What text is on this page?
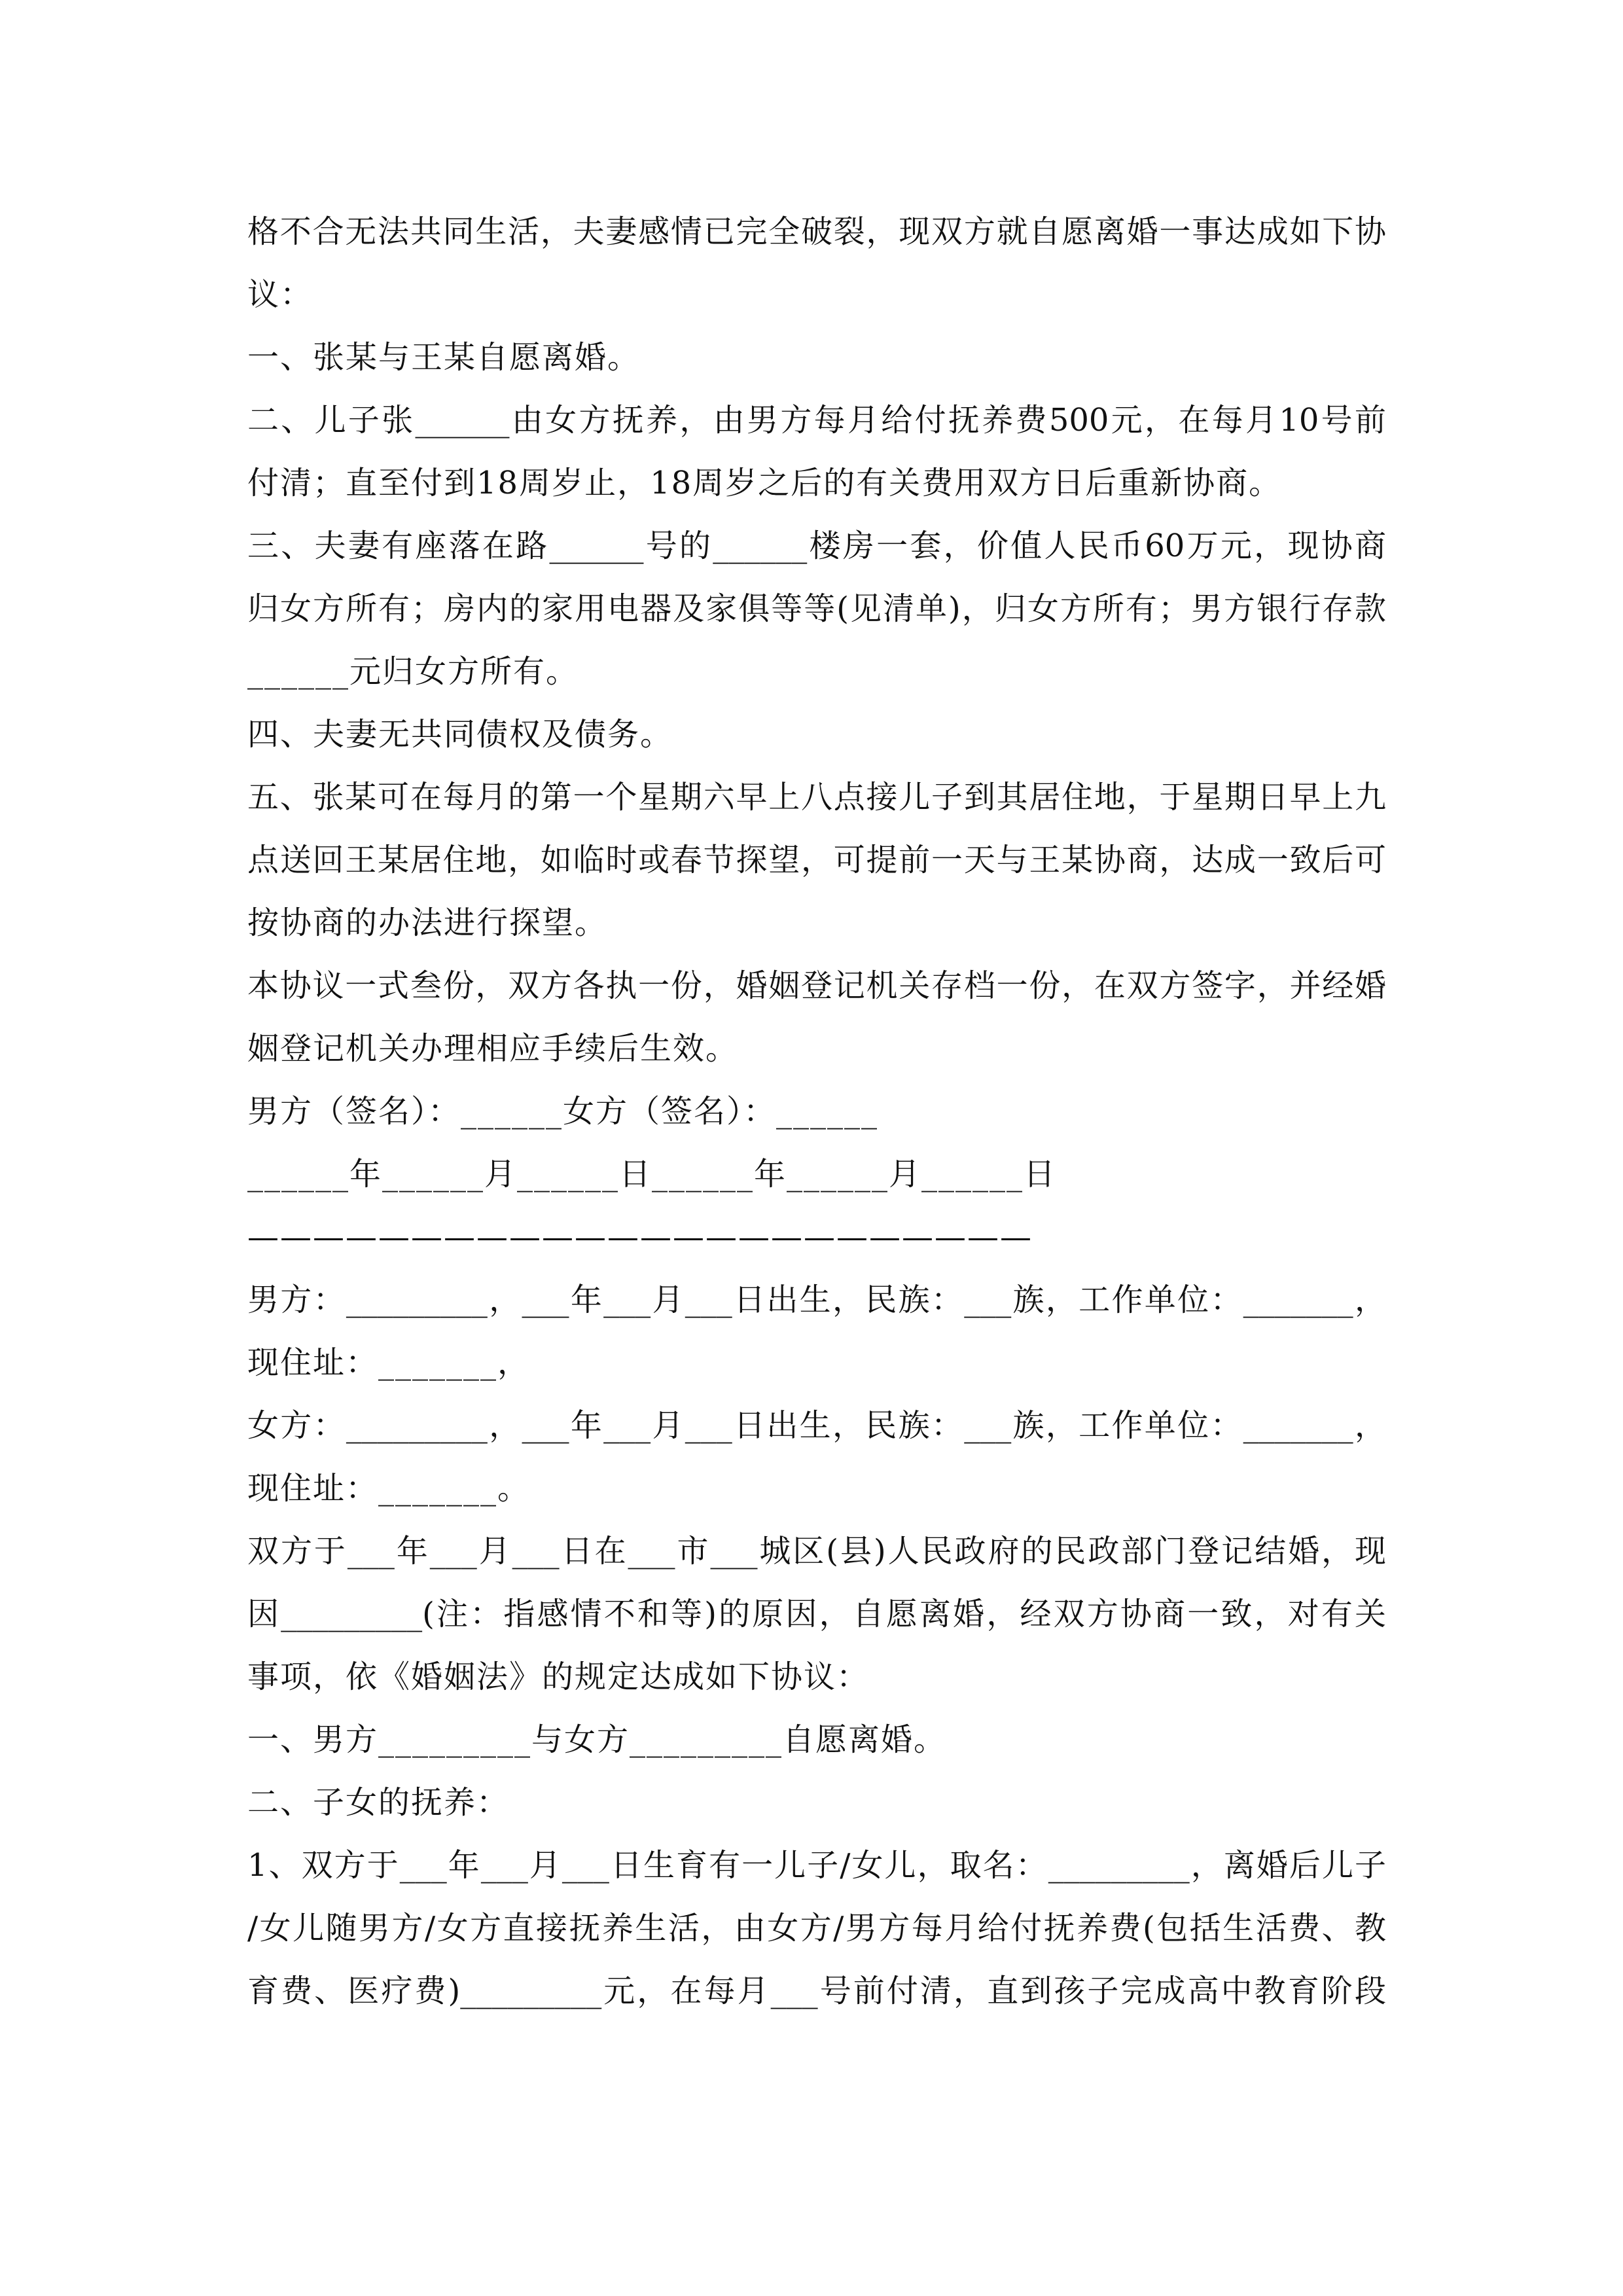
格不合无法共同生活，夫妻感情已完全破裂，现双方就自愿离婚一事达成如下协
议：
一、张某与王某自愿离婚。
二、儿子张______由女方抚养，由男方每月给付抚养费500元，在每月10号前
付清；直至付到18周岁止，18周岁之后的有关费用双方日后重新协商。
三、夫妻有座落在路______号的______楼房一套，价值人民币60万元，现协商
归女方所有；房内的家用电器及家俱等等(见清单)，归女方所有；男方银行存款
______元归女方所有。
四、夫妻无共同债权及债务。
五、张某可在每月的第一个星期六早上八点接儿子到其居住地，于星期日早上九
点送回王某居住地，如临时或春节探望，可提前一天与王某协商，达成一致后可
按协商的办法进行探望。
本协议一式叁份，双方各执一份，婚姻登记机关存档一份，在双方签字，并经婚
姻登记机关办理相应手续后生效。
男方（签名）：______女方（签名）：______
______年______月______日______年______月______日
————————————————————————
男方：_________，___年___月___日出生，民族：___族，工作单位：_______，
现住址：_______，
女方：_________，___年___月___日出生，民族：___族，工作单位：_______，
现住址：_______。
双方于___年___月___日在___市___城区(县)人民政府的民政部门登记结婚，现
因_________(注：指感情不和等)的原因，自愿离婚，经双方协商一致，对有关
事项，依《婚姻法》的规定达成如下协议：
一、男方_________与女方_________自愿离婚。
二、子女的抚养：
1、双方于___年___月___日生育有一儿子/女儿，取名：_________，离婚后儿子
/女儿随男方/女方直接抚养生活，由女方/男方每月给付抚养费(包括生活费、教
育费、医疗费)_________元，在每月___号前付清，直到孩子完成高中教育阶段
